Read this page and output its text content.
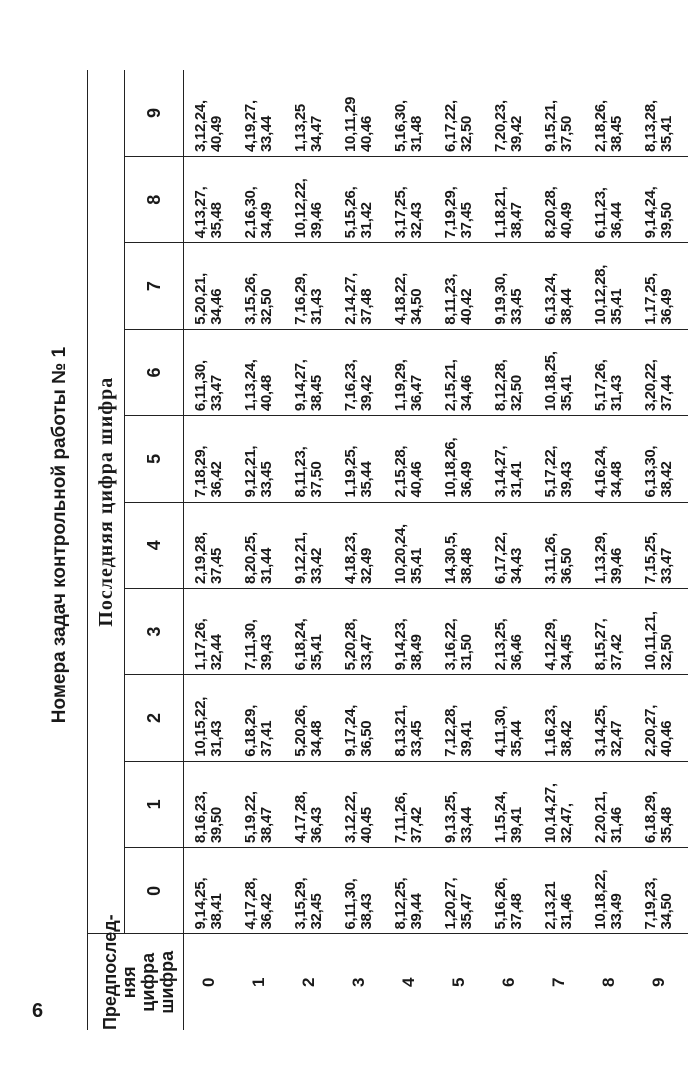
6
Номера задач контрольной работы № 1
Предпослед- няя цифра шифра	Последняя цифра шифра									

	0	1	2	3	4	5	6	7	8	9
0	9,14,25, 38,41	8,16,23, 39,50	10,15,22, 31,43	1,17,26, 32,44	2,19,28, 37,45	7,18,29, 36,42	6,11,30, 33,47	5,20,21, 34,46	4,13,27, 35,48	3,12,24, 40,49

1	4,17,28, 36,42	5,19,22, 38,47	6,18,29, 37,41	7,11,30, 39,43	8,20,25, 31,44	9,12,21, 33,45	1,13,24, 40,48	3,15,26, 32,50	2,16,30, 34,49	4,19,27, 33,44

2	3,15,29, 32,45	4,17,28, 36,43	5,20,26, 34,48	6,18,24, 35,41	9,12,21, 33,42	8,11,23, 37,50	9,14,27, 38,45	7,16,29, 31,43	10,12,22, 39,46	1,13,25 34,47

3	6,11,30, 38,43	3,12,22, 40,45	9,17,24, 36,50	5,20,28, 33,47	4,18,23, 32,49	1,19,25, 35,44	7,16,23, 39,42	2,14,27, 37,48	5,15,26, 31,42	10,11,29 40,46

4	8,12,25, 39,44	7,11,26, 37,42	8,13,21, 33,45	9,14,23, 38,49	10,20,24, 35,41	2,15,28, 40,46	1,19,29, 36,47	4,18,22, 34,50	3,17,25, 32,43	5,16,30, 31,48

5	1,20,27, 35,47	9,13,25, 33,44	7,12,28, 39,41	3,16,22, 31,50	14,30,5, 38,48	10,18,26, 36,49	2,15,21, 34,46	8,11,23, 40,42	7,19,29, 37,45	6,17,22, 32,50

6	5,16,26, 37,48	1,15,24, 39,41	4,11,30, 35,44	2,13,25, 36,46	6,17,22, 34,43	3,14,27, 31,41	8,12,28, 32,50	9,19,30, 33,45	1,18,21, 38,47	7,20,23, 39,42

7	2,13,21 31,46	10,14,27, 32,47,	1,16,23, 38,42	4,12,29, 34,45	3,11,26, 36,50	5,17,22, 39,43	10,18,25, 35,41	6,13,24, 38,44	8,20,28, 40,49	9,15,21, 37,50

8	10,18,22, 33,49	2,20,21, 31,46	3,14,25, 32,47	8,15,27, 37,42	1,13,29, 39,46	4,16,24, 34,48	5,17,26, 31,43	10,12,28, 35,41	6,11,23, 36,44	2,18,26, 38,45

9	7,19,23, 34,50	6,18,29, 35,48	2,20,27, 40,46	10,11,21, 32,50	7,15,25, 33,47	6,13,30, 38,42	3,20,22, 37,44	1,17,25, 36,49	9,14,24, 39,50	8,13,28, 35,41
